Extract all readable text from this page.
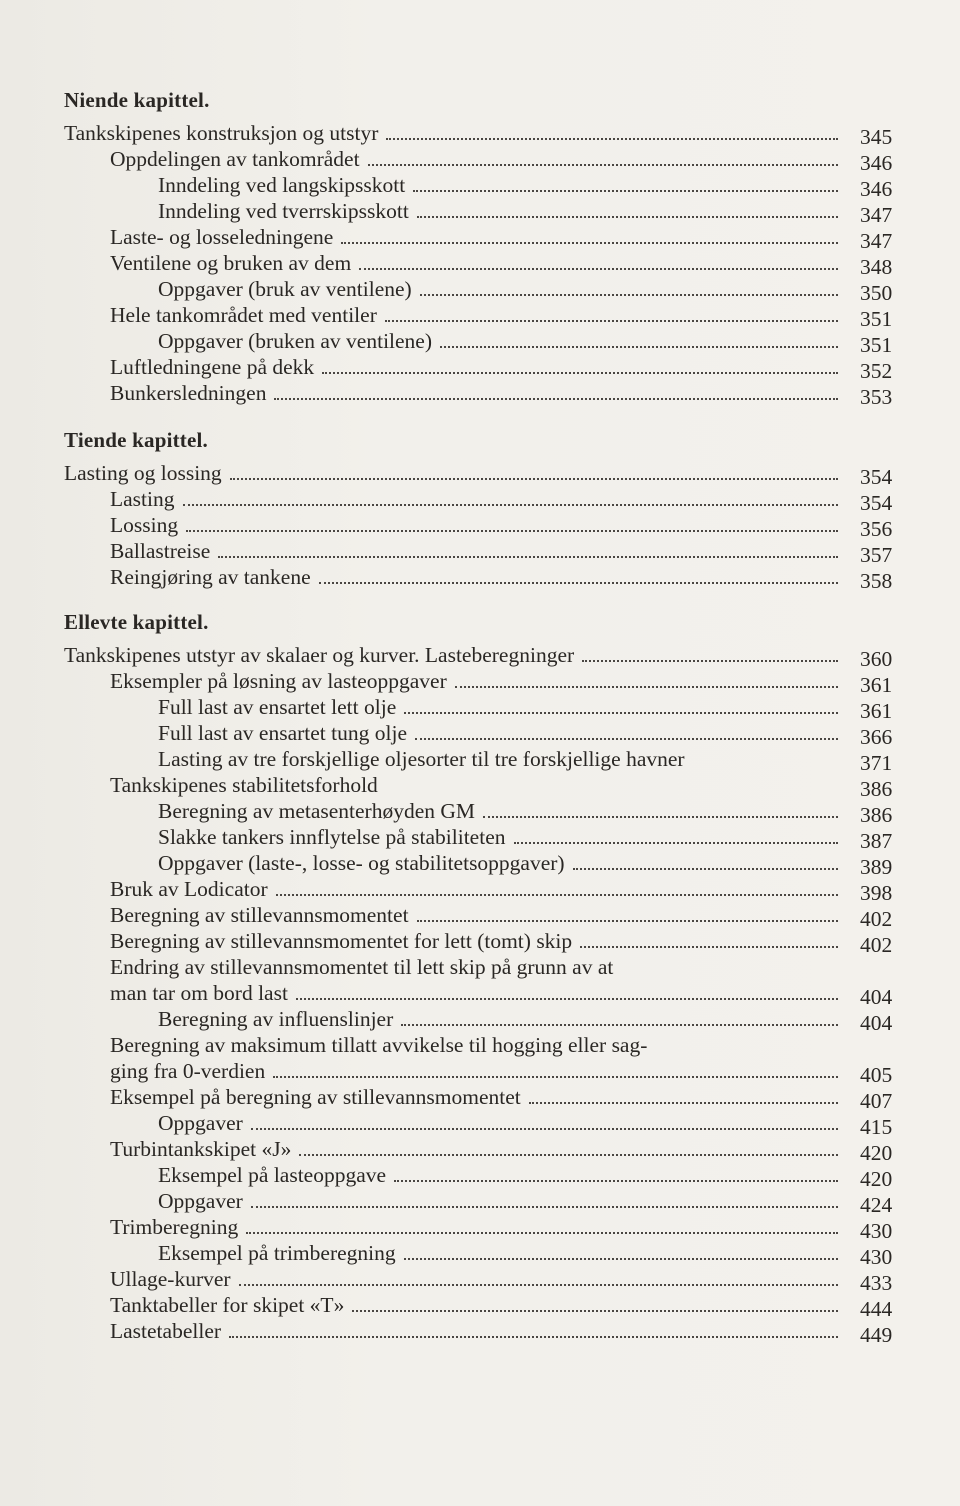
Niende kapittel.
Tankskipenes konstruksjon og utstyr	345
Oppdelingen av tankområdet	346
Inndeling ved langskipsskott	346
Inndeling ved tverrskipsskott	347
Laste- og losseledningene	347
Ventilene og bruken av dem	348
Oppgaver (bruk av ventilene)	350
Hele tankområdet med ventiler	351
Oppgaver (bruken av ventilene)	351
Luftledningene på dekk	352
Bunkersledningen	353
Tiende kapittel.
Lasting og lossing	354
Lasting	354
Lossing	356
Ballastreise	357
Reingjøring av tankene	358
Ellevte kapittel.
Tankskipenes utstyr av skalaer og kurver. Lasteberegninger	360
Eksempler på løsning av lasteoppgaver	361
Full last av ensartet lett olje	361
Full last av ensartet tung olje	366
Lasting av tre forskjellige oljesorter til tre forskjellige havner	371
Tankskipenes stabilitetsforhold	386
Beregning av metasenterhøyden GM	386
Slakke tankers innflytelse på stabiliteten	387
Oppgaver (laste-, losse- og stabilitetsoppgaver)	389
Bruk av Lodicator	398
Beregning av stillevannsmomentet	402
Beregning av stillevannsmomentet for lett (tomt) skip	402
Endring av stillevannsmomentet til lett skip på grunn av at
man tar om bord last	404
Beregning av influenslinjer	404
Beregning av maksimum tillatt avvikelse til hogging eller sag-
ging fra 0-verdien	405
Eksempel på beregning av stillevannsmomentet	407
Oppgaver	415
Turbintankskipet «J»	420
Eksempel på lasteoppgave	420
Oppgaver	424
Trimberegning	430
Eksempel på trimberegning	430
Ullage-kurver	433
Tanktabeller for skipet «T»	444
Lastetabeller	449
